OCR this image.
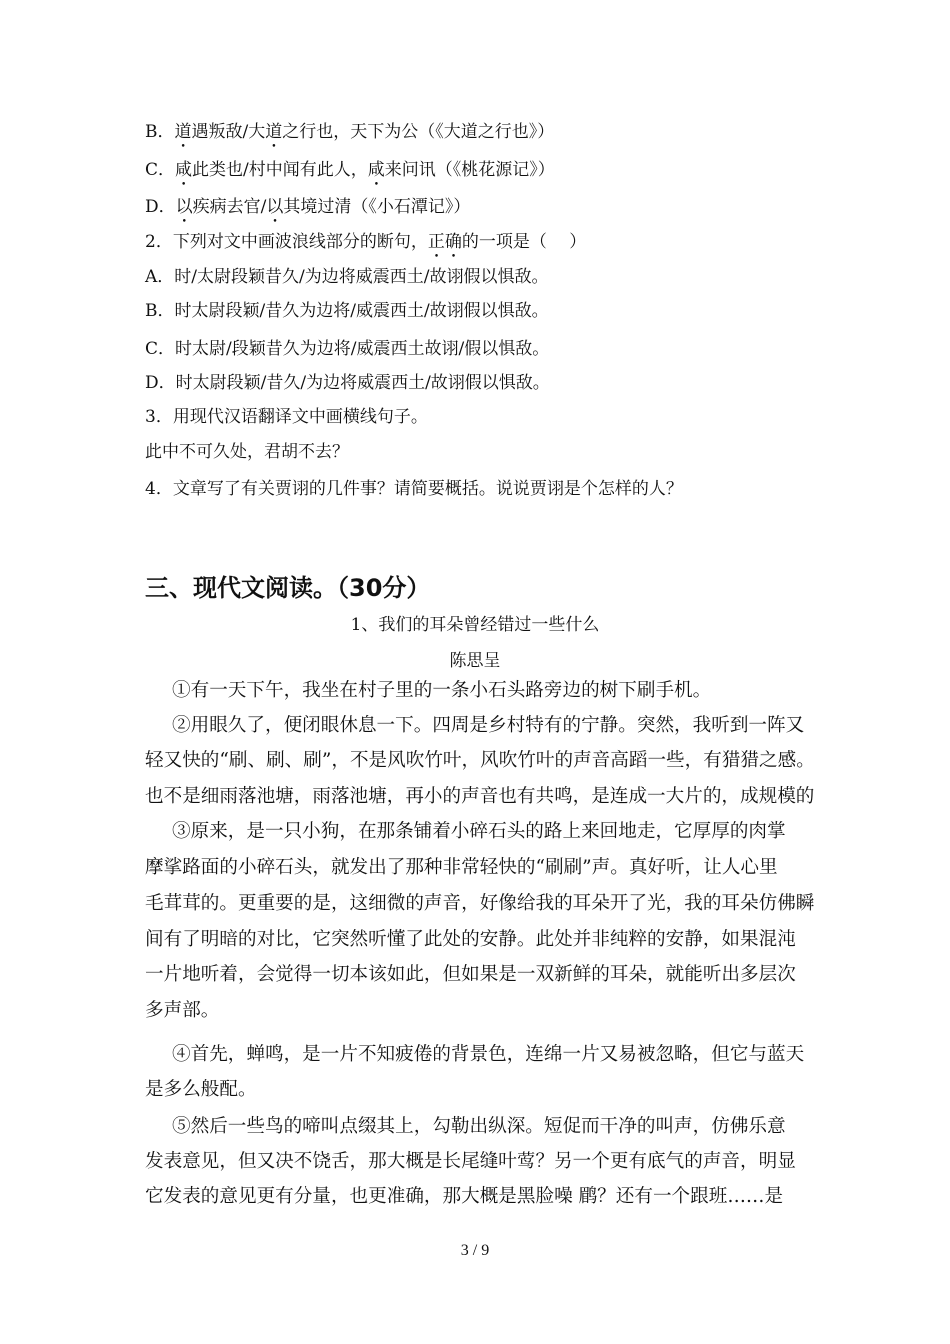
B．道遇叛敌/大道之行也，天下为公（《大道之行也》）
C．咸此类也/村中闻有此人，咸来问讯（《桃花源记》）
D．以疾病去官/以其境过清（《小石潭记》）
2．下列对文中画波浪线部分的断句，正确的一项是（　 ）
A．时/太尉段颖昔久/为边将威震西土/故诩假以惧敌。
B．时太尉段颖/昔久为边将/威震西土/故诩假以惧敌。
C．时太尉/段颖昔久为边将/威震西土故诩/假以惧敌。
D．时太尉段颖/昔久/为边将威震西土/故诩假以惧敌。
3．用现代汉语翻译文中画横线句子。
此中不可久处，君胡不去？
4．文章写了有关贾诩的几件事？请简要概括。说说贾诩是个怎样的人？
三、现代文阅读。（30分）
1、我们的耳朵曾经错过一些什么
陈思呈
①有一天下午，我坐在村子里的一条小石头路旁边的树下刷手机。
②用眼久了，便闭眼休息一下。四周是乡村特有的宁静。突然，我听到一阵又
轻又快的“刷、刷、刷”，不是风吹竹叶，风吹竹叶的声音高蹈一些，有猎猎之感。
也不是细雨落池塘，雨落池塘，再小的声音也有共鸣，是连成一大片的，成规模的
③原来，是一只小狗，在那条铺着小碎石头的路上来回地走，它厚厚的肉掌
摩挲路面的小碎石头，就发出了那种非常轻快的“刷刷”声。真好听，让人心里
毛茸茸的。更重要的是，这细微的声音，好像给我的耳朵开了光，我的耳朵仿佛瞬
间有了明暗的对比，它突然听懂了此处的安静。此处并非纯粹的安静，如果混沌
一片地听着，会觉得一切本该如此，但如果是一双新鲜的耳朵，就能听出多层次
多声部。
④首先，蝉鸣，是一片不知疲倦的背景色，连绵一片又易被忽略，但它与蓝天
是多么般配。
⑤然后一些鸟的啼叫点缀其上，勾勒出纵深。短促而干净的叫声，仿佛乐意
发表意见，但又决不饶舌，那大概是长尾缝叶莺？另一个更有底气的声音，明显
它发表的意见更有分量，也更准确，那大概是黑脸噪 鹛？还有一个跟班……是
3 / 9
